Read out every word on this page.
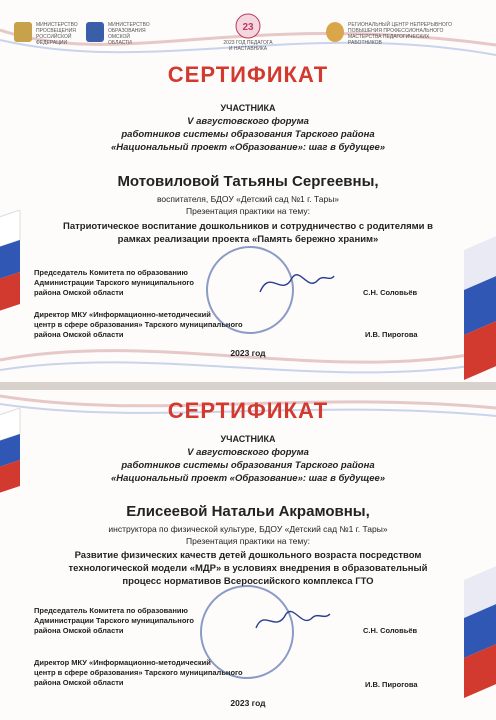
МИНИСТЕРСТВО ПРОСВЕЩЕНИЯ РОССИЙСКОЙ ФЕДЕРАЦИИ
МИНИСТЕРСТВО ОБРАЗОВАНИЯ ОМСКОЙ ОБЛАСТИ
23
2023 ГОД ПЕДАГОГА И НАСТАВНИКА
РЕГИОНАЛЬНЫЙ ЦЕНТР НЕПРЕРЫВНОГО ПОВЫШЕНИЯ ПРОФЕССИОНАЛЬНОГО МАСТЕРСТВА ПЕДАГОГИЧЕСКИХ РАБОТНИКОВ
СЕРТИФИКАТ
УЧАСТНИКА
V августовского форума
работников системы образования Тарского района
«Национальный проект «Образование»: шаг в будущее»
Мотовиловой Татьяны Сергеевны,
воспитателя, БДОУ «Детский сад №1 г. Тары»
Презентация практики на тему:
Патриотическое воспитание дошкольников и сотрудничество с родителями в
рамках реализации проекта «Память бережно храним»
Председатель Комитета по образованию
Администрации Тарского муниципального
района Омской области	С.Н. Соловьёв
Директор МКУ «Информационно-методический
центр в сфере образования» Тарского муниципального
района Омской области	И.В. Пирогова
2023 год
СЕРТИФИКАТ
УЧАСТНИКА
V августовского форума
работников системы образования Тарского района
«Национальный проект «Образование»: шаг в будущее»
Елисеевой Натальи Акрамовны,
инструктора по физической культуре, БДОУ «Детский сад №1 г. Тары»
Презентация практики на тему:
Развитие физических качеств детей дошкольного возраста посредством
технологической модели «МДР» в условиях внедрения в образовательный
процесс нормативов Всероссийского комплекса ГТО
Председатель Комитета по образованию
Администрации Тарского муниципального
района Омской области	С.Н. Соловьёв
Директор МКУ «Информационно-методический
центр в сфере образования» Тарского муниципального
района Омской области	И.В. Пирогова
2023 год
